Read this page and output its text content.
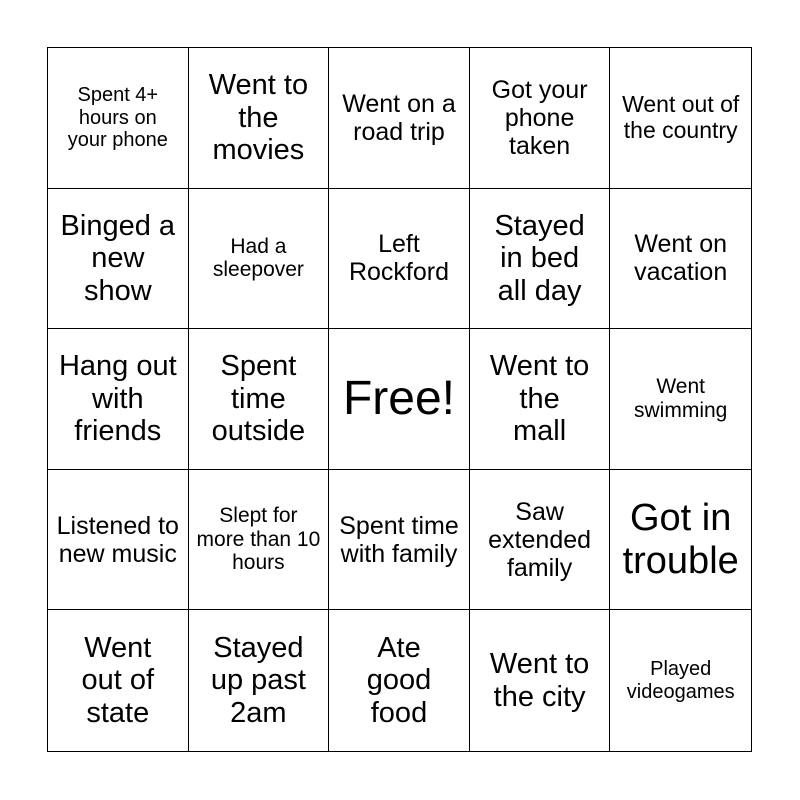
Spent 4+ hours on your phone
Went to the movies
Went on a road trip
Got your phone taken
Went out of the country
Binged a new show
Had a sleepover
Left Rockford
Stayed in bed all day
Went on vacation
Hang out with friends
Spent time outside
Free!
Went to the mall
Went swimming
Listened to new music
Slept for more than 10 hours
Spent time with family
Saw extended family
Got in trouble
Went out of state
Stayed up past 2am
Ate good food
Went to the city
Played videogames
